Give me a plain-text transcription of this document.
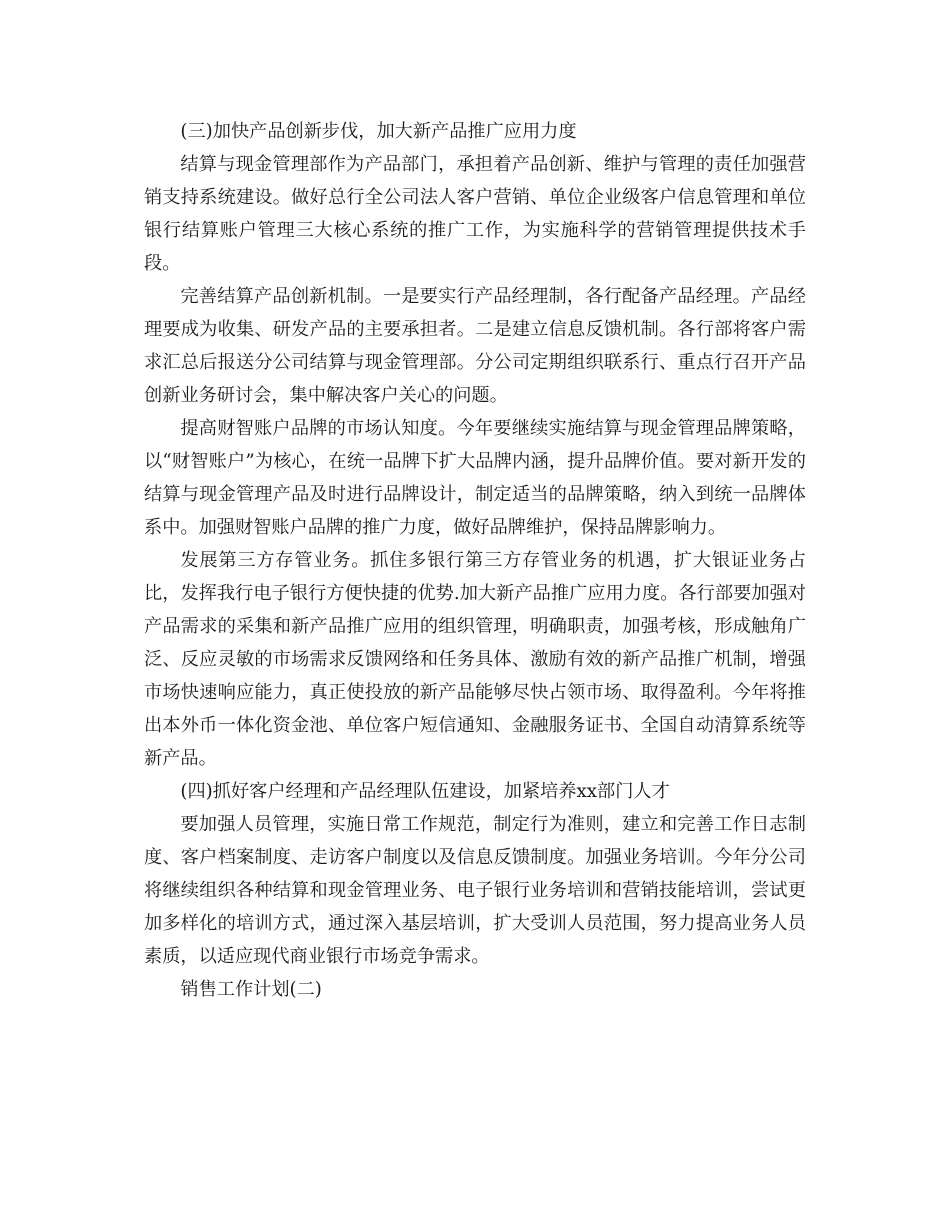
(三)加快产品创新步伐，加大新产品推广应用力度

结算与现金管理部作为产品部门，承担着产品创新、维护与管理的责任加强营销支持系统建设。做好总行全公司法人客户营销、单位企业级客户信息管理和单位银行结算账户管理三大核心系统的推广工作，为实施科学的营销管理提供技术手段。

完善结算产品创新机制。一是要实行产品经理制，各行配备产品经理。产品经理要成为收集、研发产品的主要承担者。二是建立信息反馈机制。各行部将客户需求汇总后报送分公司结算与现金管理部。分公司定期组织联系行、重点行召开产品创新业务研讨会，集中解决客户关心的问题。

提高财智账户品牌的市场认知度。今年要继续实施结算与现金管理品牌策略，以“财智账户”为核心，在统一品牌下扩大品牌内涵，提升品牌价值。要对新开发的结算与现金管理产品及时进行品牌设计，制定适当的品牌策略，纳入到统一品牌体系中。加强财智账户品牌的推广力度，做好品牌维护，保持品牌影响力。

发展第三方存管业务。抓住多银行第三方存管业务的机遇，扩大银证业务占比，发挥我行电子银行方便快捷的优势.加大新产品推广应用力度。各行部要加强对产品需求的采集和新产品推广应用的组织管理，明确职责，加强考核，形成触角广泛、反应灵敏的市场需求反馈网络和任务具体、激励有效的新产品推广机制，增强市场快速响应能力，真正使投放的新产品能够尽快占领市场、取得盈利。今年将推出本外币一体化资金池、单位客户短信通知、金融服务证书、全国自动清算系统等新产品。

(四)抓好客户经理和产品经理队伍建设，加紧培养xx部门人才

要加强人员管理，实施日常工作规范，制定行为准则，建立和完善工作日志制度、客户档案制度、走访客户制度以及信息反馈制度。加强业务培训。今年分公司将继续组织各种结算和现金管理业务、电子银行业务培训和营销技能培训，尝试更加多样化的培训方式，通过深入基层培训，扩大受训人员范围，努力提高业务人员素质，以适应现代商业银行市场竞争需求。

销售工作计划(二)
